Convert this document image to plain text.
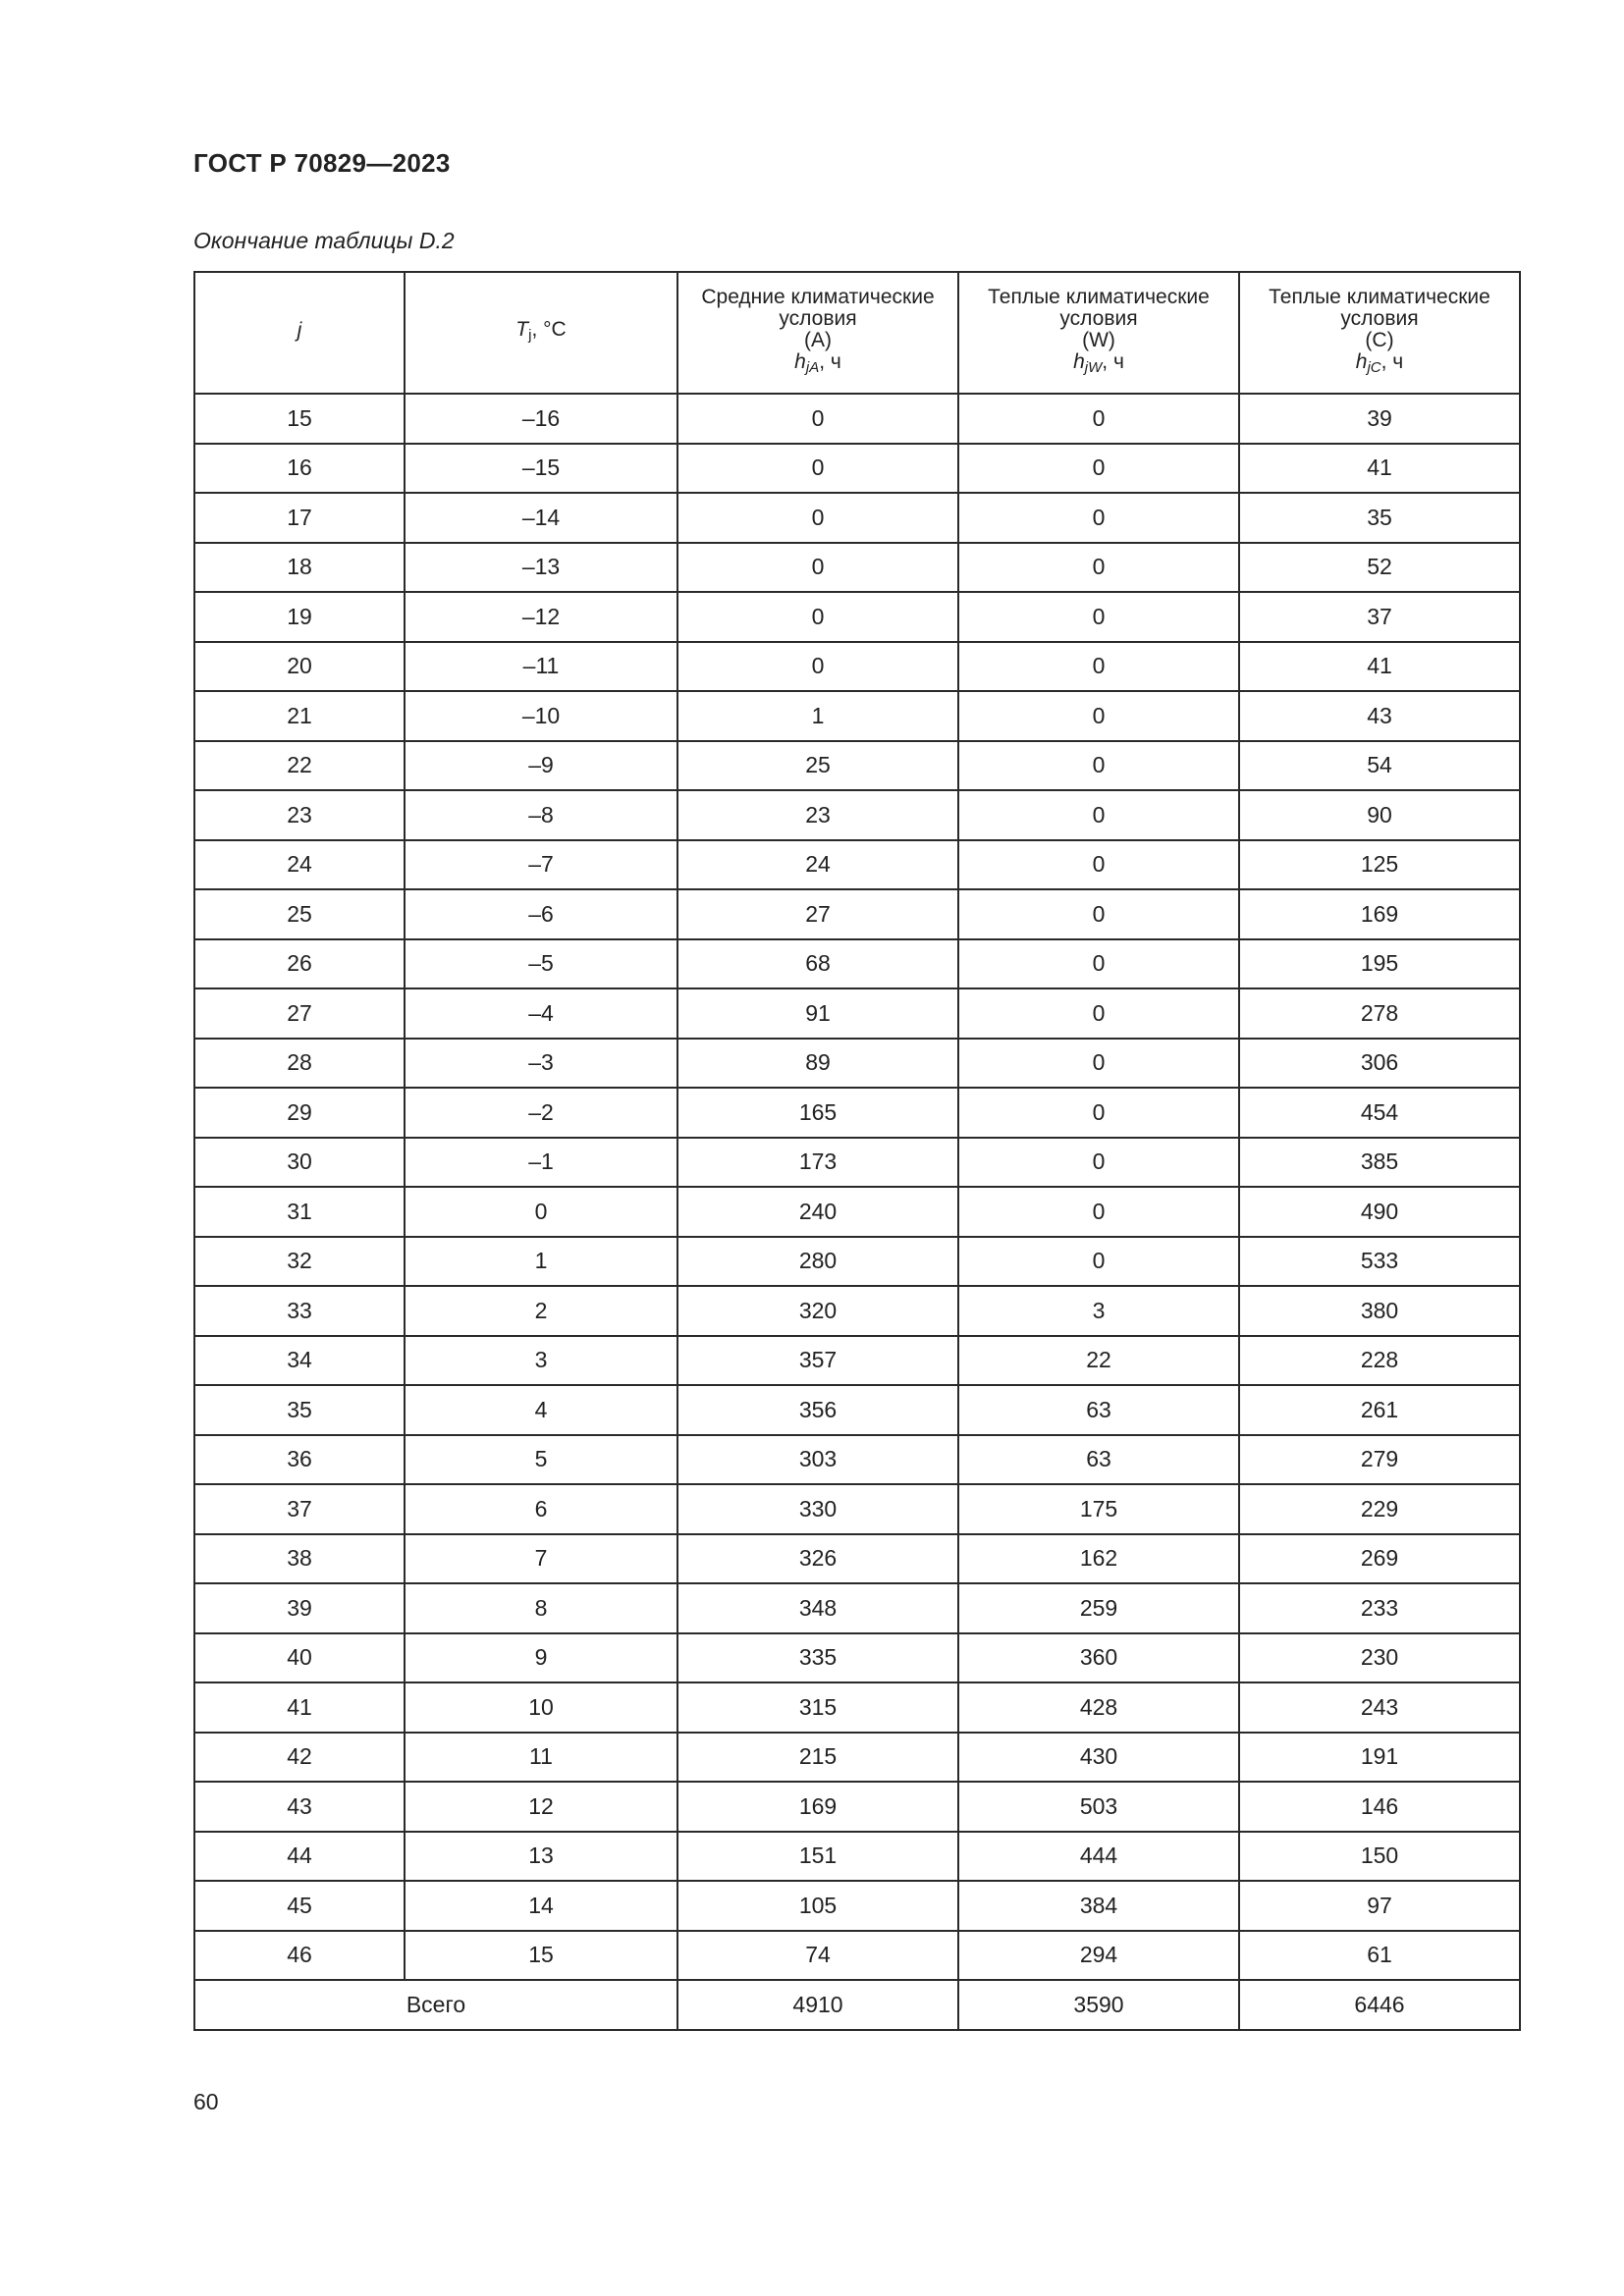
ГОСТ Р 70829—2023

Окончание таблицы D.2

j	$T_j$, °C	Средние климатические
условия
(A)
$h_{jA}$, ч	Теплые климатические
условия
(W)
$h_{jW}$, ч	Теплые климатические
условия
(C)
$h_{jC}$, ч

15	–16	0	0	39
16	–15	0	0	41
17	–14	0	0	35
18	–13	0	0	52
19	–12	0	0	37
20	–11	0	0	41
21	–10	1	0	43
22	–9	25	0	54
23	–8	23	0	90
24	–7	24	0	125
25	–6	27	0	169
26	–5	68	0	195
27	–4	91	0	278
28	–3	89	0	306
29	–2	165	0	454
30	–1	173	0	385
31	0	240	0	490
32	1	280	0	533
33	2	320	3	380
34	3	357	22	228
35	4	356	63	261
36	5	303	63	279
37	6	330	175	229
38	7	326	162	269
39	8	348	259	233
40	9	335	360	230
41	10	315	428	243
42	11	215	430	191
43	12	169	503	146
44	13	151	444	150
45	14	105	384	97
46	15	74	294	61
Всего		4910	3590	6446

60
